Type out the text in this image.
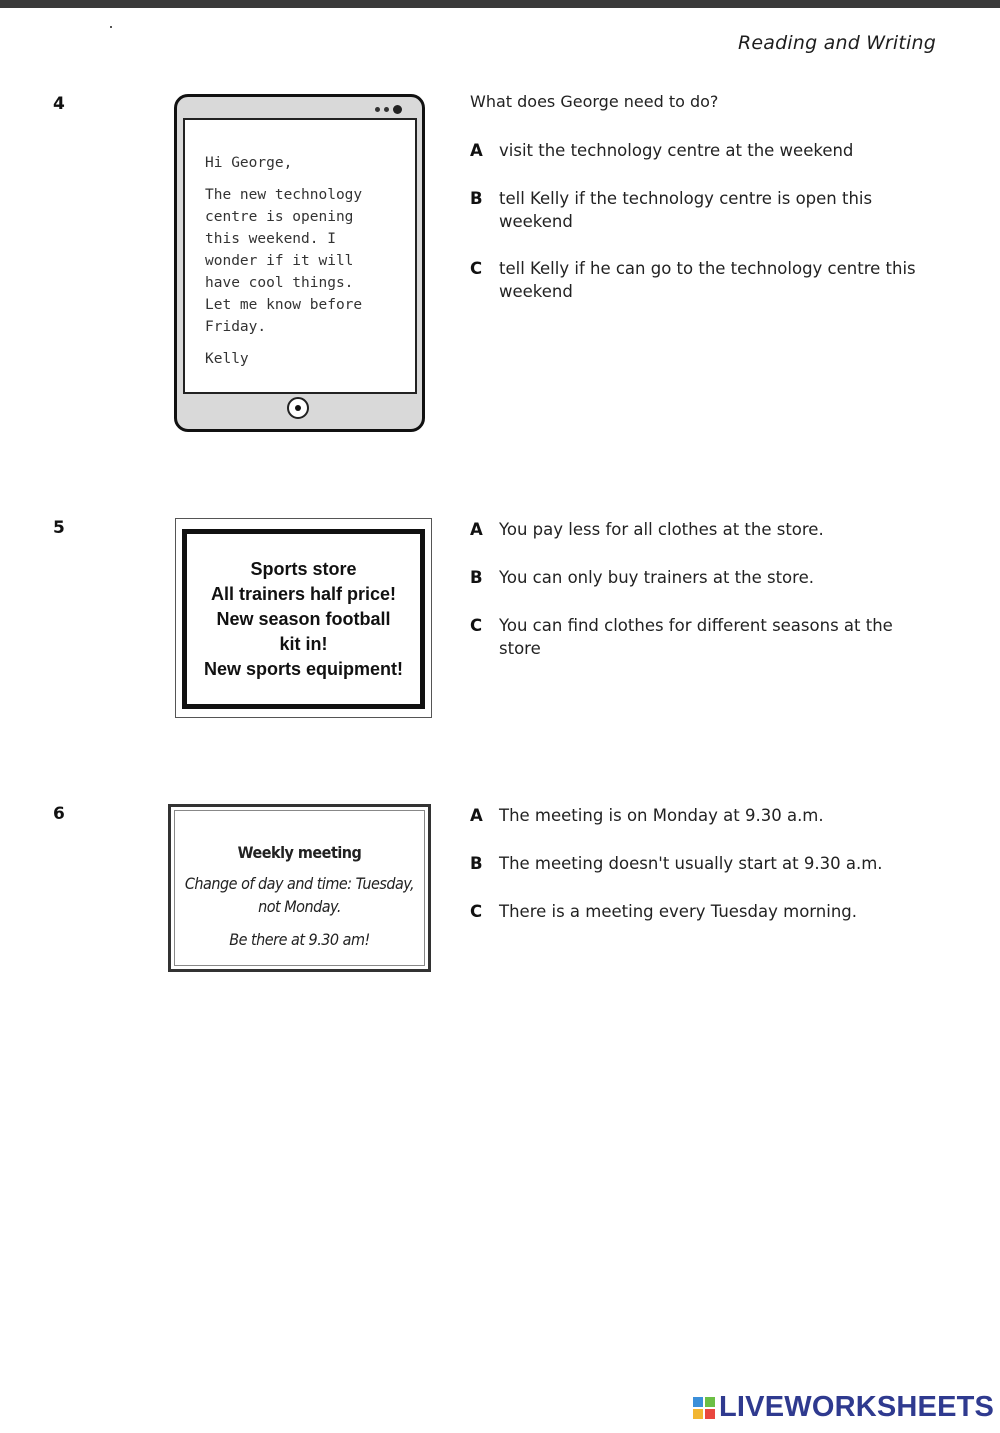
Reading and Writing
4

Hi George,

The new technology
centre is opening
this weekend. I
wonder if it will
have cool things.
Let me know before
Friday.

Kelly

What does George need to do?
A visit the technology centre at the weekend
B tell Kelly if the technology centre is open this weekend
C	tell Kelly if he can go to the technology centre this weekend
5
Sports store
All trainers half price!
New season football
kit in!
New sports equipment!
A You pay less for all clothes at the store.
B You can only buy trainers at the store.
C	You can find clothes for different seasons at the store
6
Weekly meeting
Change of day and time: Tuesday,
not Monday.
Be there at 9.30 am!
A The meeting is on Monday at 9.30 a.m.
B The meeting doesn't usually start at 9.30 a.m.
C	There is a meeting every Tuesday morning.
LIVEWORKSHEETS
